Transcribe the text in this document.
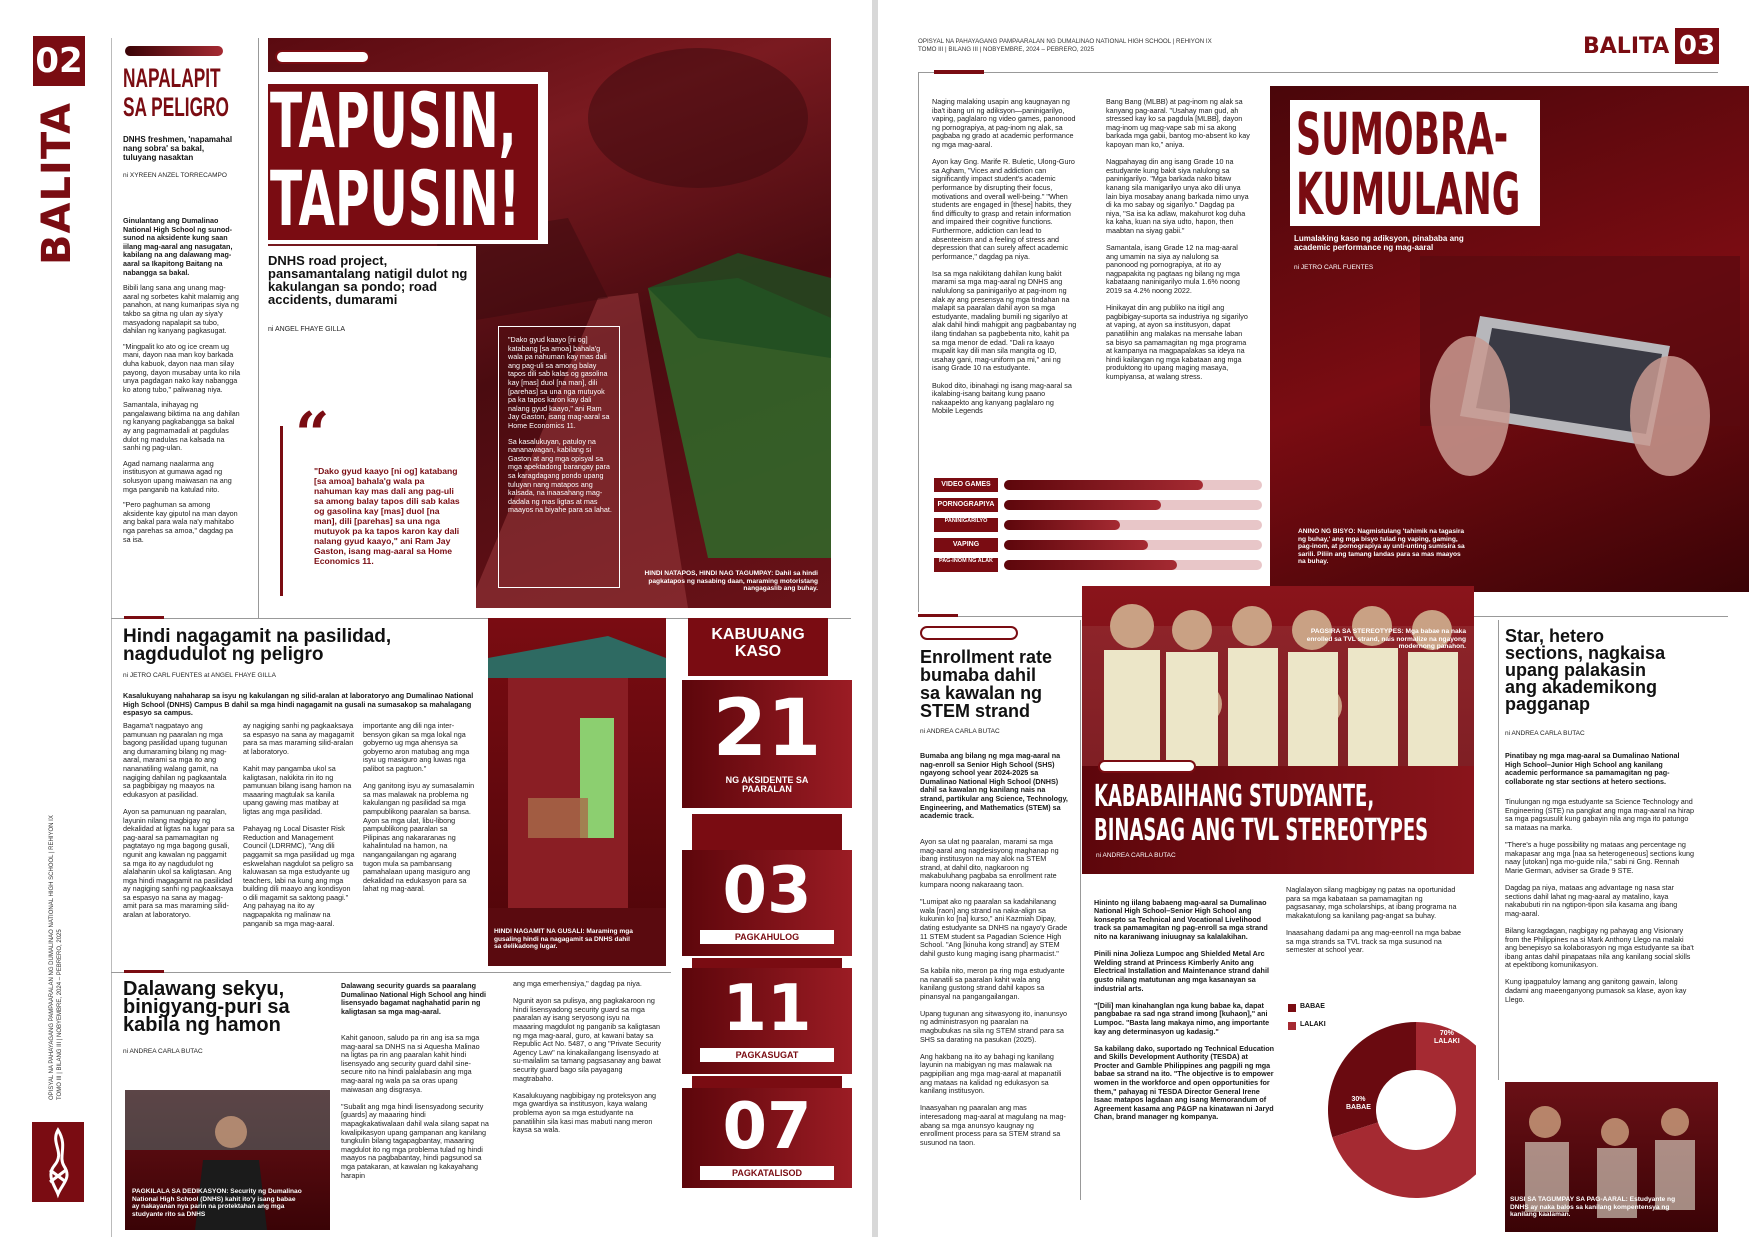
02
BALITA
OPISYAL NA PAHAYAGANG PAMPAARALAN NG DUMALINAO NATIONAL HIGH SCHOOL | REHIYON IX
TOMO III | BILANG III | NOBYEMBRE, 2024 – PEBRERO, 2025
NAPALAPIT
SA PELIGRO
DNHS freshmen, 'napamahal nang sobra' sa bakal, tuluyang nasaktan
ni XYREEN ANZEL TORRECAMPO

Ginulantang ang Dumalinao National High School ng sunod-sunod na aksidente kung saan iilang mag-aaral ang nasugatan, kabilang na ang dalawang mag-aaral sa Ikapitong Baitang na nabangga sa bakal.

Bibili lang sana ang unang mag-aaral ng sorbetes kahit malamig ang panahon, at nang kumaripas siya ng takbo sa gitna ng ulan ay siya'y masyadong napalapit sa tubo, dahilan ng kanyang pagkasugat.

"Mingpalit ko ato og ice cream ug mani, dayon naa man koy barkada duha kabuok, dayon naa man silay payong, dayon musabay unta ko nila unya pagdagan nako kay nabangga ko atong tubo," paliwanag niya.

Samantala, inihayag ng pangalawang biktima na ang dahilan ng kanyang pagkabangga sa bakal ay ang pagmamadali at pagdulas dulot ng madulas na kalsada na sanhi ng pag-ulan.

Agad namang naalarma ang institusyon at gumawa agad ng solusyon upang maiwasan na ang mga panganib na katulad nito.

"Pero paghuman sa among aksidente kay giputol na man dayon ang bakal para wala na'y mahitabo nga parehas sa amoa," dagdag pa sa isa.

TAPUSIN,
TAPUSIN!
DNHS road project, pansamantalang natigil dulot ng kakulangan sa pondo; road accidents, dumarami
ni ANGEL FHAYE GILLA
“
"Dako gyud kaayo [ni og] katabang [sa amoa] bahala'g wala pa nahuman kay mas dali ang pag-uli sa among balay tapos dili sab kalas og gasolina kay [mas] duol [na man], dili [parehas] sa una nga mutuyok pa ka tapos karon kay dali nalang gyud kaayo," ani Ram Jay Gaston, isang mag-aaral sa Home Economics 11.

"Dako gyud kaayo [ni og] katabang [sa amoa] bahala'g wala pa nahuman kay mas dali ang pag-uli sa among balay tapos dili sab kalas og gasolina kay [mas] duol [na man], dili [parehas] sa una nga mutuyok pa ka tapos karon kay dali nalang gyud kaayo," ani Ram Jay Gaston, isang mag-aaral sa Home Economics 11.

Sa kasalukuyan, patuloy na nananawagan, kabilang si Gaston at ang mga opisyal sa mga apektadong barangay para sa karagdagang pondo upang tuluyan nang matapos ang kalsada, na inaasahang mag-dadala ng mas ligtas at mas maayos na biyahe para sa lahat.

HINDI NATAPOS, HINDI NAG TAGUMPAY: Dahil sa hindi pagkatapos ng nasabing daan, maraming motoristang nangagaslib ang buhay.
Hindi nagagamit na pasilidad,
nagdudulot ng peligro
ni JETRO CARL FUENTES at ANGEL FHAYE GILLA
Kasalukuyang nahaharap sa isyu ng kakulangan ng silid-aralan at laboratoryo ang Dumalinao National High School (DNHS) Campus B dahil sa mga hindi nagagamit na gusali na sumasakop sa mahalagang espasyo sa campus.
Bagama't nagpatayo ang pamunuan ng paaralan ng mga bagong pasilidad upang tugunan ang dumaraming bilang ng mag-aaral, marami sa mga ito ang nananatiling walang gamit, na nagiging dahilan ng pagkaantala sa pagbibigay ng maayos na edukasyon at pasilidad.

Ayon sa pamunuan ng paaralan, layunin nilang magbigay ng dekalidad at ligtas na lugar para sa pag-aaral sa pamamagitan ng pagtatayo ng mga bagong gusali, ngunit ang kawalan ng paggamit sa mga ito ay nagdudulot ng alalahanin ukol sa kaligtasan. Ang mga hindi magagamit na pasilidad ay nagiging sanhi ng pagkaaksaya sa espasyo na sana ay magag-amit para sa mas maraming silid-aralan at laboratoryo.
ay nagiging sanhi ng pagkaaksaya sa espasyo na sana ay magagamit para sa mas maraming silid-aralan at laboratoryo.

Kahit may pangamba ukol sa kaligtasan, nakikita rin ito ng pamunuan bilang isang hamon na maaaring magtulak sa kanila upang gawing mas matibay at ligtas ang mga pasilidad.

Pahayag ng Local Disaster Risk Reduction and Management Council (LDRRMC), "Ang dili paggamit sa mga pasilidad ug mga eskwelahan nagdulot sa peligro sa kaluwasan sa mga estudyante ug teachers, labi na kung ang mga building dili maayo ang kondisyon o dili magamit sa saktong paagi." Ang pahayag na ito ay nagpapakita ng malinaw na panganib sa mga mag-aaral.
importante ang dili nga inter-bensyon gikan sa mga lokal nga gobyerno ug mga ahensya sa gobyerno aron matubag ang mga isyu ug masiguro ang luwas nga palibot sa pagtuon."

Ang ganitong isyu ay sumasalamin sa mas malawak na problema ng kakulangan ng pasilidad sa mga pampublikong paaralan sa bansa. Ayon sa mga ulat, libu-libong pampublikong paaralan sa Pilipinas ang nakararanas ng kahalintulad na hamon, na nangangailangan ng agarang tugon mula sa pambansang pamahalaan upang masiguro ang dekalidad na edukasyon para sa lahat ng mag-aaral.
HINDI NAGAMIT NA GUSALI: Maraming mga gusaling hindi na nagagamit sa DNHS dahil sa delikadong lugar.
KABUUANG KASO
21
NG AKSIDENTE SA PAARALAN
03
PAGKAHULOG
11
PAGKASUGAT
07
PAGKATALISOD
Dalawang sekyu,
binigyang-puri sa
kabila ng hamon
ni ANDREA CARLA BUTAC
Dalawang security guards sa paaralang Dumalinao National High School ang hindi lisensyado bagamat naghahatid parin ng kaligtasan sa mga mag-aaral.
Kahit ganoon, saludo pa rin ang isa sa mga mag-aaral sa DNHS na si Aquesha Malinao na ligtas pa rin ang paaralan kahit hindi lisensyado ang security guard dahil sine-secure nito na hindi palalabasin ang mga mag-aaral ng wala pa sa oras upang maiwasan ang disgrasya.

"Subalit ang mga hindi lisensyadong security [guards] ay maaaring hindi mapagkakatiwalaan dahil wala silang sapat na kwalipikasyon upang gampanan ang kanilang tungkulin bilang tagapagbantay, maaaring magdulot ito ng mga problema tulad ng hindi maayos na pagbabantay, hindi pagsunod sa mga patakaran, at kawalan ng kakayahang harapin
ang mga emerhensiya," dagdag pa niya.

Ngunit ayon sa pulisya, ang pagkakaroon ng hindi lisensyadong security guard sa mga paaralan ay isang seryosong isyu na maaaring magdulot ng panganib sa kaligtasan ng mga mag-aaral, guro, at kawani batay sa Republic Act No. 5487, o ang "Private Security Agency Law" na kinakailangang lisensyado at su-mailalim sa tamang pagsasanay ang bawat security guard bago sila payagang magtrabaho.

Kasalukuyang nagbibigay ng proteksyon ang mga gwardiya sa institusyon, kaya walang problema ayon sa mga estudyante na panatilihin sila kasi mas mabuti nang meron kaysa sa wala.
PAGKILALA SA DEDIKASYON: Security ng Dumalinao National High School (DNHS) kahit ito'y isang babae ay nakayanan nya parin na protektahan ang mga studyante rito sa DNHS
OPISYAL NA PAHAYAGANG PAMPAARALAN NG DUMALINAO NATIONAL HIGH SCHOOL | REHIYON IX
TOMO III | BILANG III | NOBYEMBRE, 2024 – PEBRERO, 2025	BALITA 03
Naging malaking usapin ang kaugnayan ng iba't ibang uri ng adiksyon—paninigarilyo, vaping, paglalaro ng video games, panonood ng pornograpiya, at pag-inom ng alak, sa pagbaba ng grado at academic performance ng mga mag-aaral.

Ayon kay Gng. Marife R. Buletic, Ulong-Guro sa Agham, "Vices and addiction can significantly impact student's academic performance by disrupting their focus, motivations and overall well-being." "When students are engaged in [these] habits, they find difficulty to grasp and retain information and impaired their cognitive functions. Furthermore, addiction can lead to absenteeism and a feeling of stress and depression that can surely affect academic performance," dagdag pa niya.

Isa sa mga nakikitang dahilan kung bakit marami sa mga mag-aaral ng DNHS ang nalululong sa paninigarilyo at pag-inom ng alak ay ang presensya ng mga tindahan na malapit sa paaralan dahil ayon sa mga estudyante, madaling bumili ng sigarilyo at alak dahil hindi mahigpit ang pagbabantay ng ilang tindahan sa pagbebenta nito, kahit pa sa mga menor de edad. "Dali ra kaayo mupalit kay dili man sila mangita og ID, usahay gani, mag-uniform pa mi," ani ng isang Grade 10 na estudyante.

Bukod dito, ibinahagi ng isang mag-aaral sa ikalabing-isang baitang kung paano nakaapekto ang kanyang paglalaro ng Mobile Legends
Bang Bang (MLBB) at pag-inom ng alak sa kanyang pag-aaral. "Usahay man gud, ah stressed kay ko sa pagdula [MLBB], dayon mag-inom ug mag-vape sab mi sa akong barkada mga gabii, bantog mo-absent ko kay kapoyan man ko," aniya.

Nagpahayag din ang isang Grade 10 na estudyante kung bakit siya nalulong sa paninigarilyo. "Mga barkada nako bitaw kanang sila manigarilyo unya ako dili unya lain biya mosabay anang barkada nimo unya di ka mo sabay og sigarilyo." Dagdag pa niya, "Sa isa ka adlaw, makahurot kog duha ka kaha, kuan na siya udto, hapon, then maabtan na siyag gabii."

Samantala, isang Grade 12 na mag-aaral ang umamin na siya ay nalulong sa panonood ng pornograpiya, at ito ay nagpapakita ng pagtaas ng bilang ng mga kabataang naninigarilyo mula 1.6% noong 2019 sa 4.2% noong 2022.

Hinikayat din ang publiko na itigil ang pagbibigay-suporta sa industriya ng sigarilyo at vaping, at ayon sa institusyon, dapat panatilihin ang malakas na mensahe laban sa bisyo sa pamamagitan ng mga programa at kampanya na magpapalakas sa ideya na hindi kailangan ng mga kabataan ang mga produktong ito upang maging masaya, kumpiyansa, at walang stress.
VIDEO GAMES
PORNOGRAPIYA
PANINIGARILYO
VAPING
PAG-INOM NG ALAK
SUMOBRA-
KUMULANG
Lumalaking kaso ng adiksyon, pinababa ang academic performance ng mag-aaral
ni JETRO CARL FUENTES
ANINO NG BISYO: Nagmistulang 'tahimik na tagasira ng buhay,' ang mga bisyo tulad ng vaping, gaming, pag-inom, at pornograpiya ay unti-unting sumisira sa sarili. Piliin ang tamang landas para sa mas maayos na buhay.
Enrollment rate
bumaba dahil
sa kawalan ng
STEM strand
ni ANDREA CARLA BUTAC
Bumaba ang bilang ng mga mag-aaral na nag-enroll sa Senior High School (SHS) ngayong school year 2024-2025 sa Dumalinao National High School (DNHS) dahil sa kawalan ng kanilang nais na strand, partikular ang Science, Technology, Engineering, and Mathematics (STEM) sa academic track.
Ayon sa ulat ng paaralan, marami sa mga mag-aaral ang nagdesisyong maghanap ng ibang institusyon na may alok na STEM strand, at dahil dito, nagkaroon ng makabuluhang pagbaba sa enrollment rate kumpara noong nakaraang taon.

"Lumipat ako ng paaralan sa kadahilanang wala [raon] ang strand na naka-align sa kukunin ko [na] kurso," ani Kazmiah Dipay, dating estudyante sa DNHS na ngayo'y Grade 11 STEM student sa Pagadian Science High School. "Ang [kinuha kong strand] ay STEM dahil gusto kung maging isang pharmacist."

Sa kabila nito, meron pa ring mga estudyante na nanatili sa paaralan kahit wala ang kanilang gustong strand dahil kapos sa pinansyal na pangangailangan.

Upang tugunan ang sitwasyong ito, inanunsyo ng administrasyon ng paaralan na magbubukas na sila ng STEM strand para sa SHS sa darating na pasukan (2025).

Ang hakbang na ito ay bahagi ng kanilang layunin na mabigyan ng mas malawak na pagpipilian ang mga mag-aaral at mapanatili ang mataas na kalidad ng edukasyon sa kanilang institusyon.

Inaasyahan ng paaralan ang mas interesadong mag-aaral at magulang na mag-abang sa mga anunsyo kaugnay ng enrollment process para sa STEM strand sa susunod na taon.
PAGSIRA SA STEREOTYPES: Mga babae na naka enrolled sa TVL strand, nais normalize na ngayong modernong panahon.
KABABAIHANG STUDYANTE,
BINASAG ANG TVL STEREOTYPES
ni ANDREA CARLA BUTAC

Hininto ng iilang babaeng mag-aaral sa Dumalinao National High School–Senior High School ang konsepto sa Technical and Vocational Livelihood track sa pamamagitan ng pag-enroll sa mga strand nito na karaniwang iniuugnay sa kalalakihan.

Pinili nina Jolieza Lumpoc ang Shielded Metal Arc Welding strand at Princess Kimberly Anito ang Electrical Installation and Maintenance strand dahil gusto nilang matutunan ang mga kasanayan sa industrial arts.

"[Dili] man kinahanglan nga kung babae ka, dapat pangbabae ra sad nga strand imong [kuhaon]," ani Lumpoc. "Basta lang makaya nimo, ang importante kay ang determinasyon ug kadasig."

Sa kabilang dako, suportado ng Technical Education and Skills Development Authority (TESDA) at Procter and Gamble Philippines ang pagpili ng mga babae sa strand na ito. "The objective is to empower women in the workforce and open opportunities for them," pahayag ni TESDA Director General Irene Isaac matapos lagdaan ang isang Memorandum of Agreement kasama ang P&GP na kinatawan ni Jaryd Chan, brand manager ng kompanya.

Naglalayon silang magbigay ng patas na oportunidad para sa mga kabataan sa pamamagitan ng pagsasanay, mga scholarships, at ibang programa na makakatulong sa kanilang pag-angat sa buhay.

Inaasahang dadami pa ang mag-eenroll na mga babae sa mga strands sa TVL track sa mga susunod na semester at school year.
BABAE
LALAKI
70%
LALAKI
30%
BABAE
Star, hetero
sections, nagkaisa
upang palakasin
ang akademikong
pagganap
ni ANDREA CARLA BUTAC
Pinatibay ng mga mag-aaral sa Dumalinao National High School–Junior High School ang kanilang academic performance sa pamamagitan ng pag-collaborate ng star sections at hetero sections.
Tinulungan ng mga estudyante sa Science Technology and Engineering (STE) na pangkat ang mga mag-aaral na hirap sa mga pagsusulit kung gabayin nila ang mga ito patungo sa mataas na marka.

"There's a huge possibility ng mataas ang percentage ng makapasar ang mga [naa sa heterogeneous] sections kung naay [utokan] nga mo-guide nila," sabi ni Gng. Rennah Marie German, adviser sa Grade 9 STE.

Dagdag pa niya, mataas ang advantage ng nasa star sections dahil lahat ng mag-aaral ay matalino, kaya nakabubuti rin na ngtipon-tipon sila kasama ang ibang mag-aaral.

Bilang karagdagan, nagbigay ng pahayag ang Visionary from the Philippines na si Mark Anthony Llego na malaki ang benepisyo sa kolaborasyon ng mga estudyante sa iba't ibang antas dahil pinapataas nila ang kanilang social skills at epektibong komunikasyon.

Kung ipagpatuloy lamang ang ganitong gawain, lalong dadami ang maeenganyong pumasok sa klase, ayon kay Llego.
SUSI SA TAGUMPAY SA PAG-AARAL: Estudyante ng DNHS ay naka balos sa kanilang kompentensya ng kanilang kaalaman.
